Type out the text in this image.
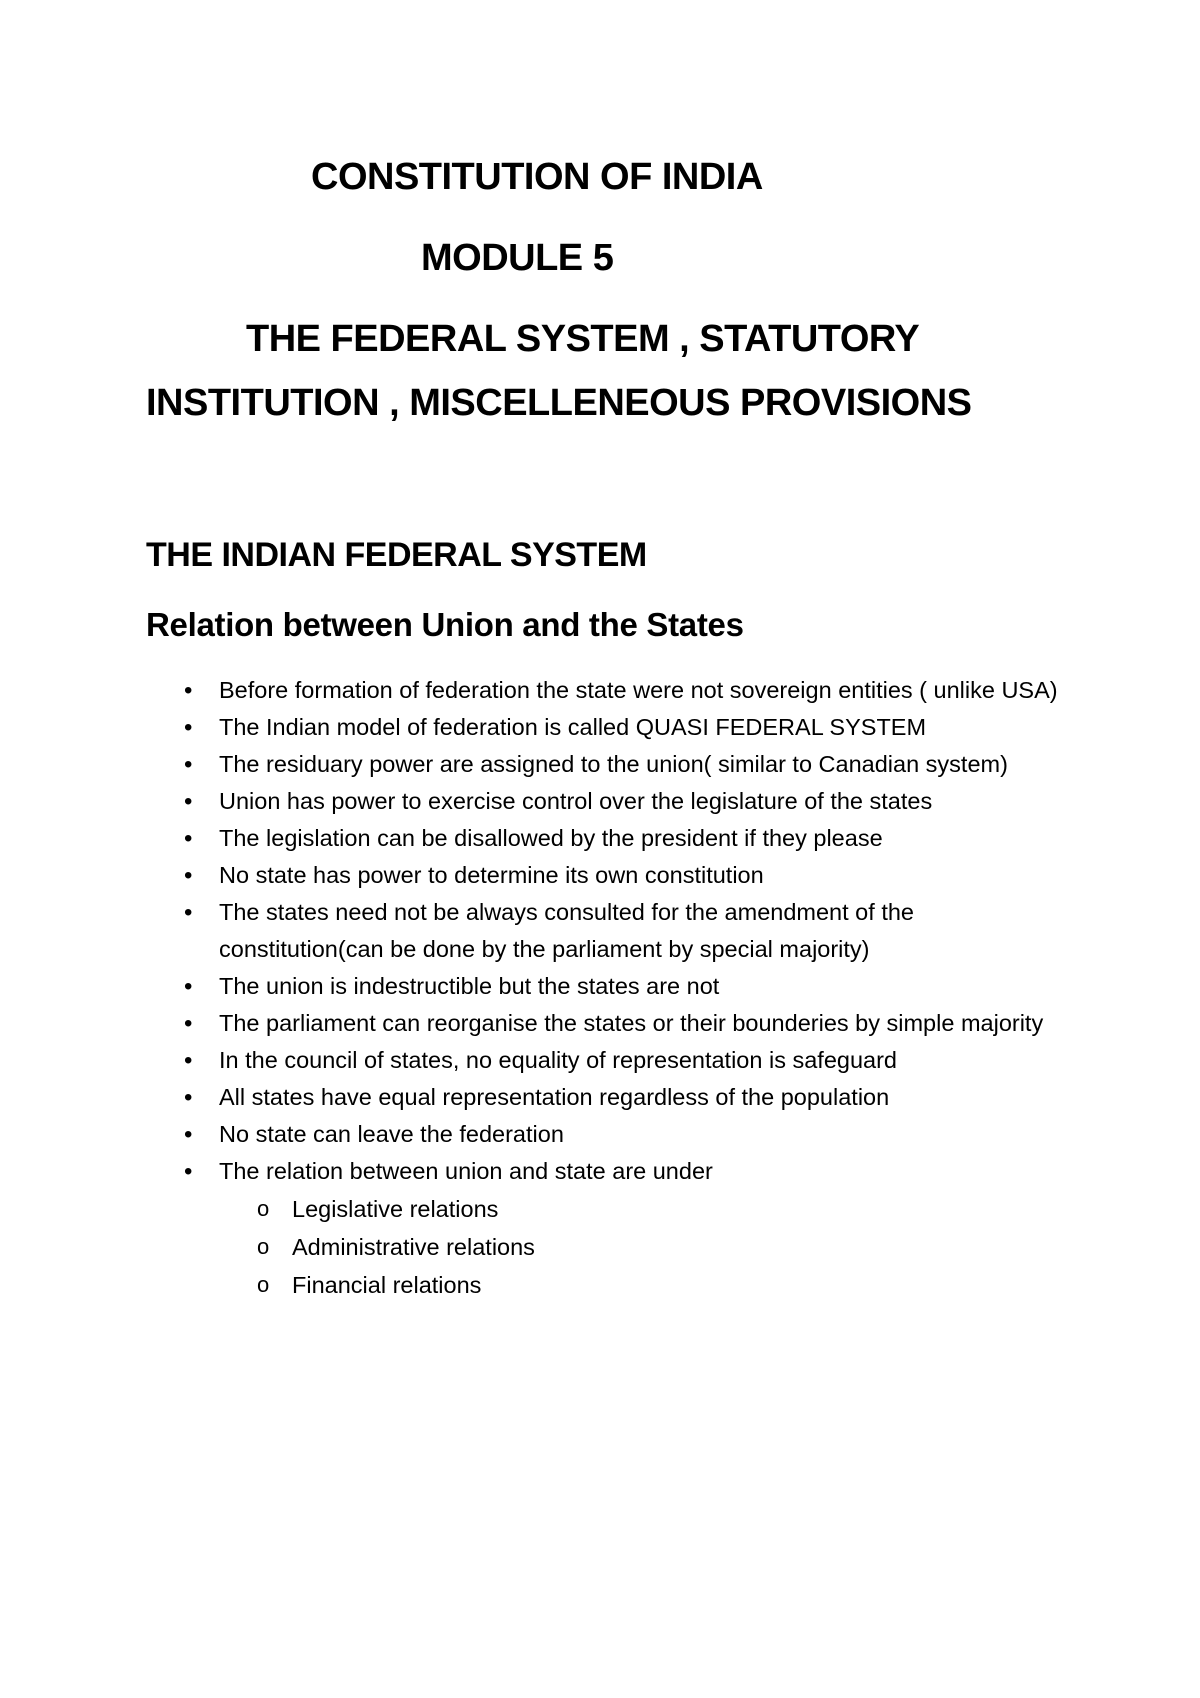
CONSTITUTION OF INDIA
MODULE 5
THE FEDERAL SYSTEM , STATUTORY
INSTITUTION , MISCELLENEOUS PROVISIONS
THE INDIAN FEDERAL SYSTEM
Relation between Union and the States
• Before formation of federation the state were not sovereign entities ( unlike USA)
• The Indian model of federation is called QUASI FEDERAL SYSTEM
• The residuary power are assigned to the union( similar to Canadian system)
• Union has power to exercise control over the legislature of the states
• The legislation can be disallowed by the president if they please
• No state has power to determine its own constitution
• The states need not be always consulted for the amendment of the constitution(can be done by the parliament by special majority)
• The union is indestructible but the states are not
• The parliament can reorganise the states or their bounderies by simple majority
• In the council of states, no equality of representation is safeguard
• All states have equal representation regardless of the population
• No state can leave the federation
• The relation between union and state are under
o Legislative relations
o Administrative relations
o Financial relations
